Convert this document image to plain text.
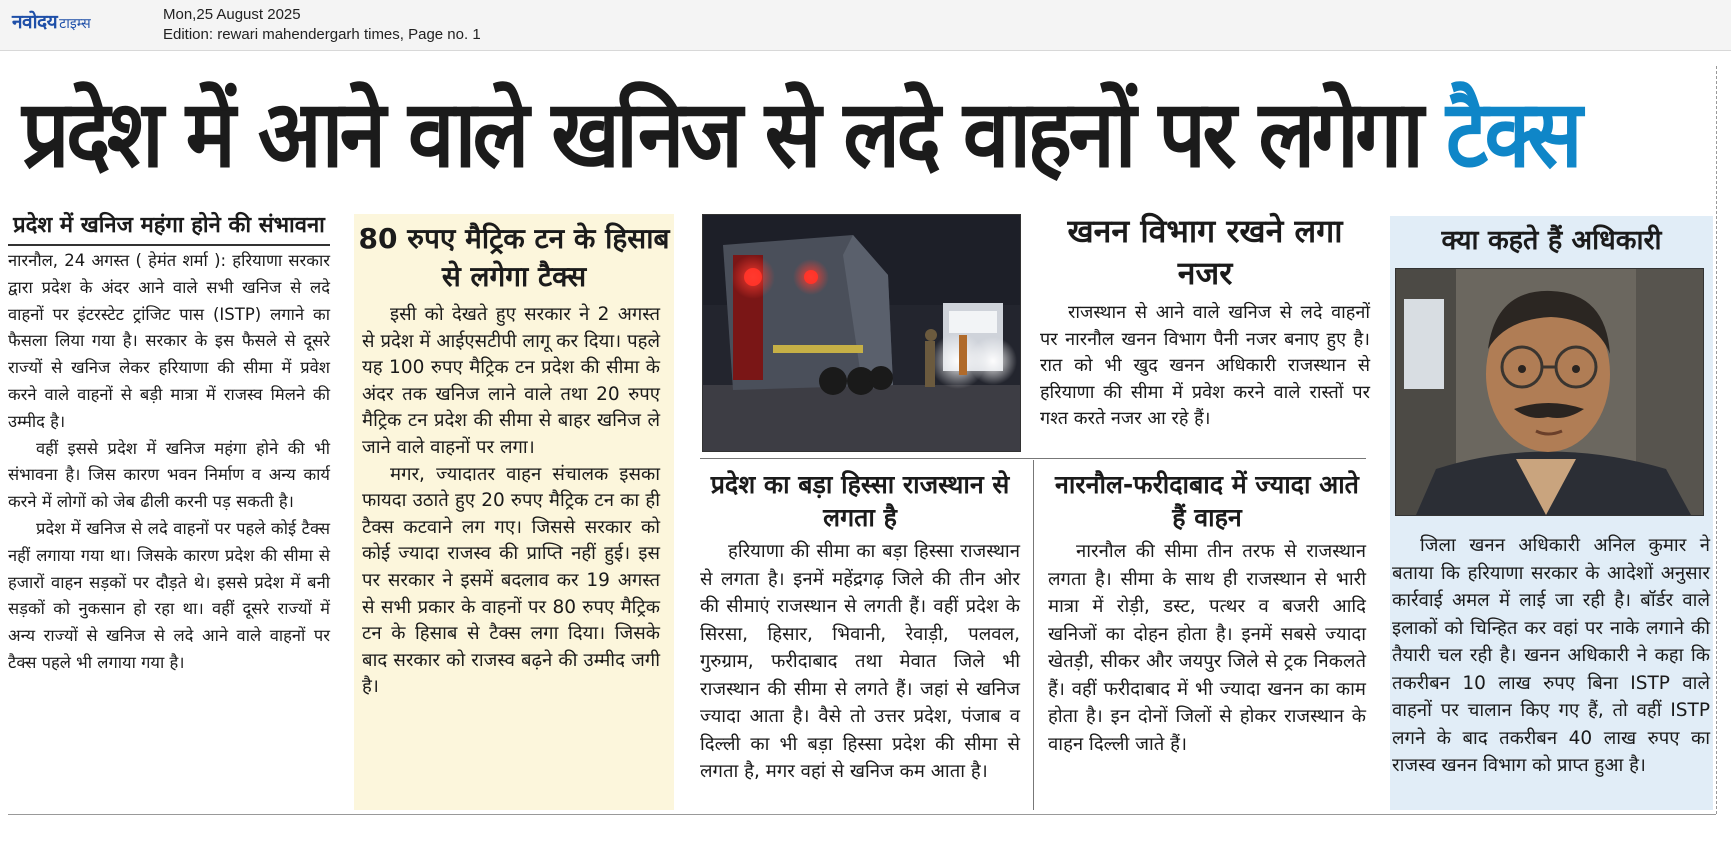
नवोदय टाइम्स
Mon,25 August 2025
Edition: rewari mahendergarh times, Page no. 1
प्रदेश में आने वाले खनिज से लदे वाहनों पर लगेगा टैक्स
प्रदेश में खनिज महंगा होने की संभावना

नारनौल, 24 अगस्त ( हेमंत शर्मा ): हरियाणा सरकार द्वारा प्रदेश के अंदर आने वाले सभी खनिज से लदे वाहनों पर इंटरस्टेट ट्रांजिट पास (ISTP) लगाने का फैसला लिया गया है। सरकार के इस फैसले से दूसरे राज्यों से खनिज लेकर हरियाणा की सीमा में प्रवेश करने वाले वाहनों से बड़ी मात्रा में राजस्व मिलने की उम्मीद है।

वहीं इससे प्रदेश में खनिज महंगा होने की भी संभावना है। जिस कारण भवन निर्माण व अन्य कार्य करने में लोगों को जेब ढीली करनी पड़ सकती है।

प्रदेश में खनिज से लदे वाहनों पर पहले कोई टैक्स नहीं लगाया गया था। जिसके कारण प्रदेश की सीमा से हजारों वाहन सड़कों पर दौड़ते थे। इससे प्रदेश में बनी सड़कों को नुकसान हो रहा था। वहीं दूसरे राज्यों में अन्य राज्यों से खनिज से लदे आने वाले वाहनों पर टैक्स पहले भी लगाया गया है।

80 रुपए मैट्रिक टन के हिसाब से लगेगा टैक्स

इसी को देखते हुए सरकार ने 2 अगस्त से प्रदेश में आईएसटीपी लागू कर दिया। पहले यह 100 रुपए मैट्रिक टन प्रदेश की सीमा के अंदर तक खनिज लाने वाले तथा 20 रुपए मैट्रिक टन प्रदेश की सीमा से बाहर खनिज ले जाने वाले वाहनों पर लगा।

मगर, ज्यादातर वाहन संचालक इसका फायदा उठाते हुए 20 रुपए मैट्रिक टन का ही टैक्स कटवाने लग गए। जिससे सरकार को कोई ज्यादा राजस्व की प्राप्ति नहीं हुई। इस पर सरकार ने इसमें बदलाव कर 19 अगस्त से सभी प्रकार के वाहनों पर 80 रुपए मैट्रिक टन के हिसाब से टैक्स लगा दिया। जिसके बाद सरकार को राजस्व बढ़ने की उम्मीद जगी है।

खनन विभाग रखने लगा नजर

राजस्थान से आने वाले खनिज से लदे वाहनों पर नारनौल खनन विभाग पैनी नजर बनाए हुए है। रात को भी खुद खनन अधिकारी राजस्थान से हरियाणा की सीमा में प्रवेश करने वाले रास्तों पर गश्त करते नजर आ रहे हैं।

प्रदेश का बड़ा हिस्सा राजस्थान से लगता है

हरियाणा की सीमा का बड़ा हिस्सा राजस्थान से लगता है। इनमें महेंद्रगढ़ जिले की तीन ओर की सीमाएं राजस्थान से लगती हैं। वहीं प्रदेश के सिरसा, हिसार, भिवानी, रेवाड़ी, पलवल, गुरुग्राम, फरीदाबाद तथा मेवात जिले भी राजस्थान की सीमा से लगते हैं। जहां से खनिज ज्यादा आता है। वैसे तो उत्तर प्रदेश, पंजाब व दिल्ली का भी बड़ा हिस्सा प्रदेश की सीमा से लगता है, मगर वहां से खनिज कम आता है।

नारनौल-फरीदाबाद में ज्यादा आते हैं वाहन

नारनौल की सीमा तीन तरफ से राजस्थान लगता है। सीमा के साथ ही राजस्थान से भारी मात्रा में रोड़ी, डस्ट, पत्थर व बजरी आदि खनिजों का दोहन होता है। इनमें सबसे ज्यादा खेतड़ी, सीकर और जयपुर जिले से ट्रक निकलते हैं। वहीं फरीदाबाद में भी ज्यादा खनन का काम होता है। इन दोनों जिलों से होकर राजस्थान के वाहन दिल्ली जाते हैं।

क्या कहते हैं अधिकारी

जिला खनन अधिकारी अनिल कुमार ने बताया कि हरियाणा सरकार के आदेशों अनुसार कार्रवाई अमल में लाई जा रही है। बॉर्डर वाले इलाकों को चिन्हित कर वहां पर नाके लगाने की तैयारी चल रही है। खनन अधिकारी ने कहा कि तकरीबन 10 लाख रुपए बिना ISTP वाले वाहनों पर चालान किए गए हैं, तो वहीं ISTP लगने के बाद तकरीबन 40 लाख रुपए का राजस्व खनन विभाग को प्राप्त हुआ है।
